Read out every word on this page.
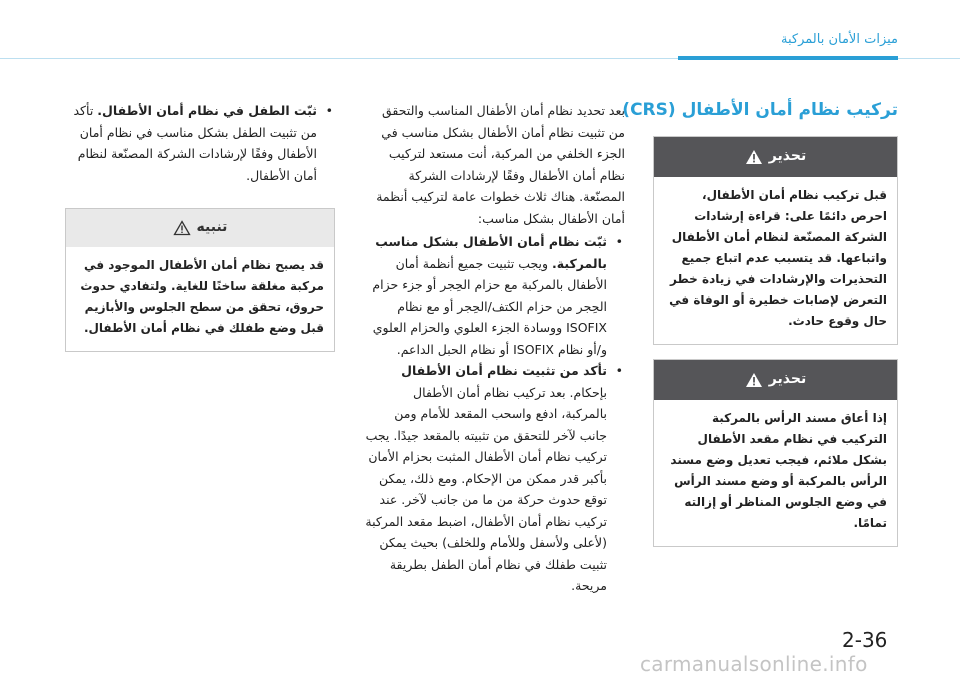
ميزات الأمان بالمركبة
تركيب نظام أمان الأطفال (CRS)
تحذير
قبل تركيب نظام أمان الأطفال، احرص دائمًا على: قراءة إرشادات الشركة المصنّعة لنظام أمان الأطفال واتباعها. قد يتسبب عدم اتباع جميع التحذيرات والإرشادات في زيادة خطر التعرض لإصابات خطيرة أو الوفاة في حال وقوع حادث.
تحذير
إذا أعاق مسند الرأس بالمركبة التركيب في نظام مقعد الأطفال بشكل ملائم، فيجب تعديل وضع مسند الرأس بالمركبة أو وضع مسند الرأس في وضع الجلوس المناظر أو إزالته تمامًا.

بعد تحديد نظام أمان الأطفال المناسب والتحقق من تثبيت نظام أمان الأطفال بشكل مناسب في الجزء الخلفي من المركبة، أنت مستعد لتركيب نظام أمان الأطفال وفقًا لإرشادات الشركة المصنّعة. هناك ثلاث خطوات عامة لتركيب أنظمة أمان الأطفال بشكل مناسب:

• ثبّت نظام أمان الأطفال بشكل مناسب بالمركبة. ويجب تثبيت جميع أنظمة أمان الأطفال بالمركبة مع حزام الحِجر أو جزء حزام الحِجر من حزام الكتف/الحِجر أو مع نظام ISOFIX ووسادة الجزء العلوي والحزام العلوي و/أو نظام ISOFIX أو نظام الحبل الداعم.
• تأكد من تثبيت نظام أمان الأطفال بإحكام. بعد تركيب نظام أمان الأطفال بالمركبة، ادفع واسحب المقعد للأمام ومن جانب لآخر للتحقق من تثبيته بالمقعد جيدًا. يجب تركيب نظام أمان الأطفال المثبت بحزام الأمان بأكبر قدر ممكن من الإحكام. ومع ذلك، يمكن توقع حدوث حركة من ما من جانب لآخر. عند تركيب نظام أمان الأطفال، اضبط مقعد المركبة (لأعلى ولأسفل وللأمام وللخلف) بحيث يمكن تثبيت طفلك في نظام أمان الطفل بطريقة مريحة.
• ثبّت الطفل في نظام أمان الأطفال. تأكد من تثبيت الطفل بشكل مناسب في نظام أمان الأطفال وفقًا لإرشادات الشركة المصنّعة لنظام أمان الأطفال.
تنبيه
قد يصبح نظام أمان الأطفال الموجود في مركبة مغلقة ساخنًا للغاية. ولتفادي حدوث حروق، تحقق من سطح الجلوس والأبازيم قبل وضع طفلك في نظام أمان الأطفال.
2-36
carmanualsonline.info
